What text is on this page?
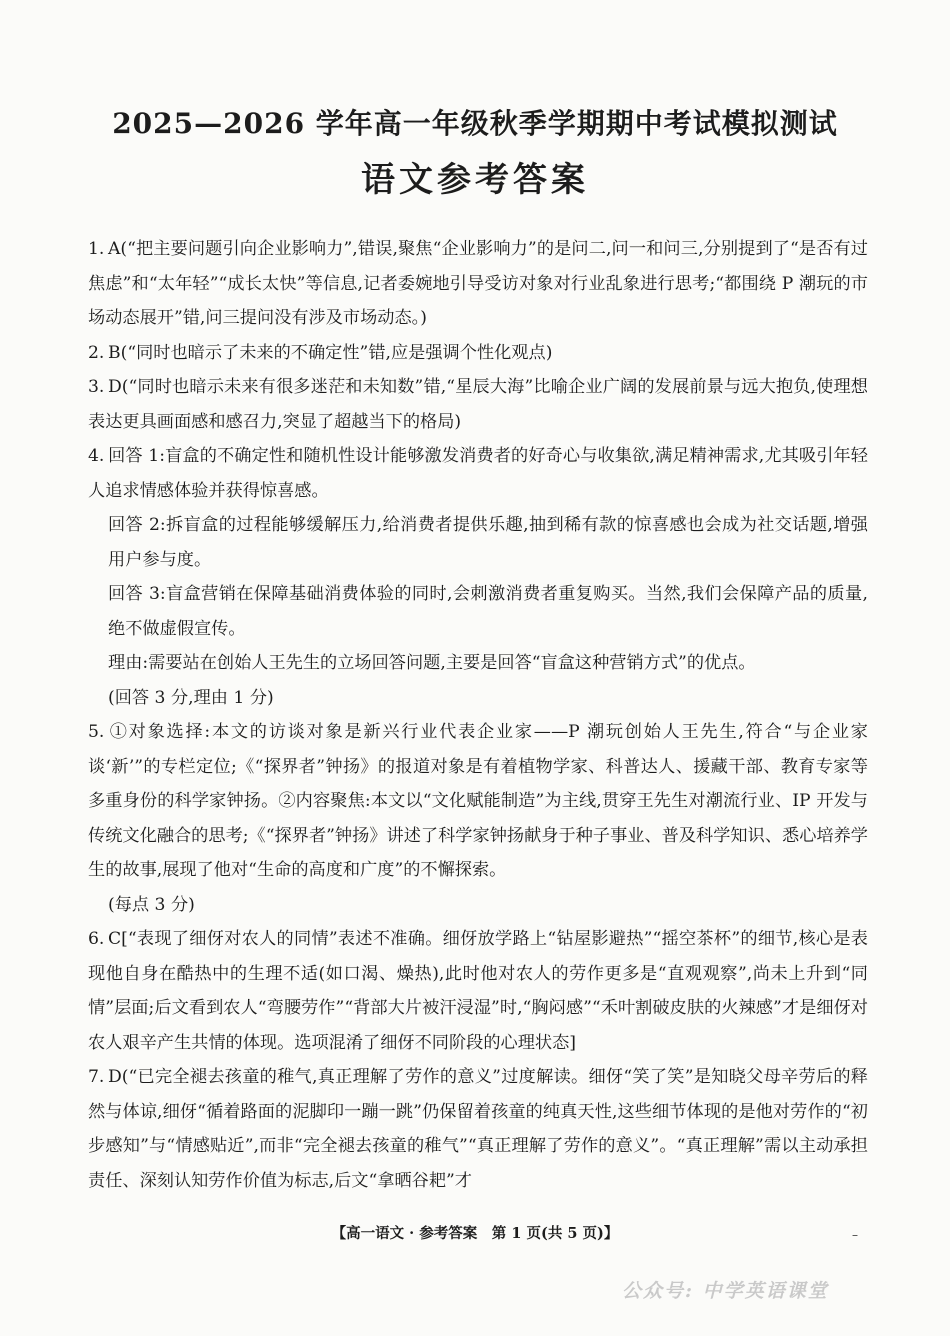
2025—2026 学年高一年级秋季学期期中考试模拟测试
语文参考答案

1. A(“把主要问题引向企业影响力”,错误,聚焦“企业影响力”的是问二,问一和问三,分别提到了“是否有过焦虑”和“太年轻”“成长太快”等信息,记者委婉地引导受访对象对行业乱象进行思考;“都围绕 P 潮玩的市场动态展开”错,问三提问没有涉及市场动态。)

2. B(“同时也暗示了未来的不确定性”错,应是强调个性化观点)

3. D(“同时也暗示未来有很多迷茫和未知数”错,“星辰大海”比喻企业广阔的发展前景与远大抱负,使理想表达更具画面感和感召力,突显了超越当下的格局)

4. 回答 1:盲盒的不确定性和随机性设计能够激发消费者的好奇心与收集欲,满足精神需求,尤其吸引年轻人追求情感体验并获得惊喜感。

回答 2:拆盲盒的过程能够缓解压力,给消费者提供乐趣,抽到稀有款的惊喜感也会成为社交话题,增强用户参与度。

回答 3:盲盒营销在保障基础消费体验的同时,会刺激消费者重复购买。当然,我们会保障产品的质量,绝不做虚假宣传。

理由:需要站在创始人王先生的立场回答问题,主要是回答“盲盒这种营销方式”的优点。

(回答 3 分,理由 1 分)

5. ①对象选择:本文的访谈对象是新兴行业代表企业家——P 潮玩创始人王先生,符合“与企业家谈‘新’”的专栏定位;《“探界者”钟扬》的报道对象是有着植物学家、科普达人、援藏干部、教育专家等多重身份的科学家钟扬。②内容聚焦:本文以“文化赋能制造”为主线,贯穿王先生对潮流行业、IP 开发与传统文化融合的思考;《“探界者”钟扬》讲述了科学家钟扬献身于种子事业、普及科学知识、悉心培养学生的故事,展现了他对“生命的高度和广度”的不懈探索。

(每点 3 分)

6. C[“表现了细伢对农人的同情”表述不准确。细伢放学路上“钻屋影避热”“摇空茶杯”的细节,核心是表现他自身在酷热中的生理不适(如口渴、燥热),此时他对农人的劳作更多是“直观观察”,尚未上升到“同情”层面;后文看到农人“弯腰劳作”“背部大片被汗浸湿”时,“胸闷感”“禾叶割破皮肤的火辣感”才是细伢对农人艰辛产生共情的体现。选项混淆了细伢不同阶段的心理状态]

7. D(“已完全褪去孩童的稚气,真正理解了劳作的意义”过度解读。细伢“笑了笑”是知晓父母辛劳后的释然与体谅,细伢“循着路面的泥脚印一蹦一跳”仍保留着孩童的纯真天性,这些细节体现的是他对劳作的“初步感知”与“情感贴近”,而非“完全褪去孩童的稚气”“真正理解了劳作的意义”。“真正理解”需以主动承担责任、深刻认知劳作价值为标志,后文“拿晒谷耙”才

【高一语文 · 参考答案　第 1 页(共 5 页)】	–
公众号: 中学英语课堂
